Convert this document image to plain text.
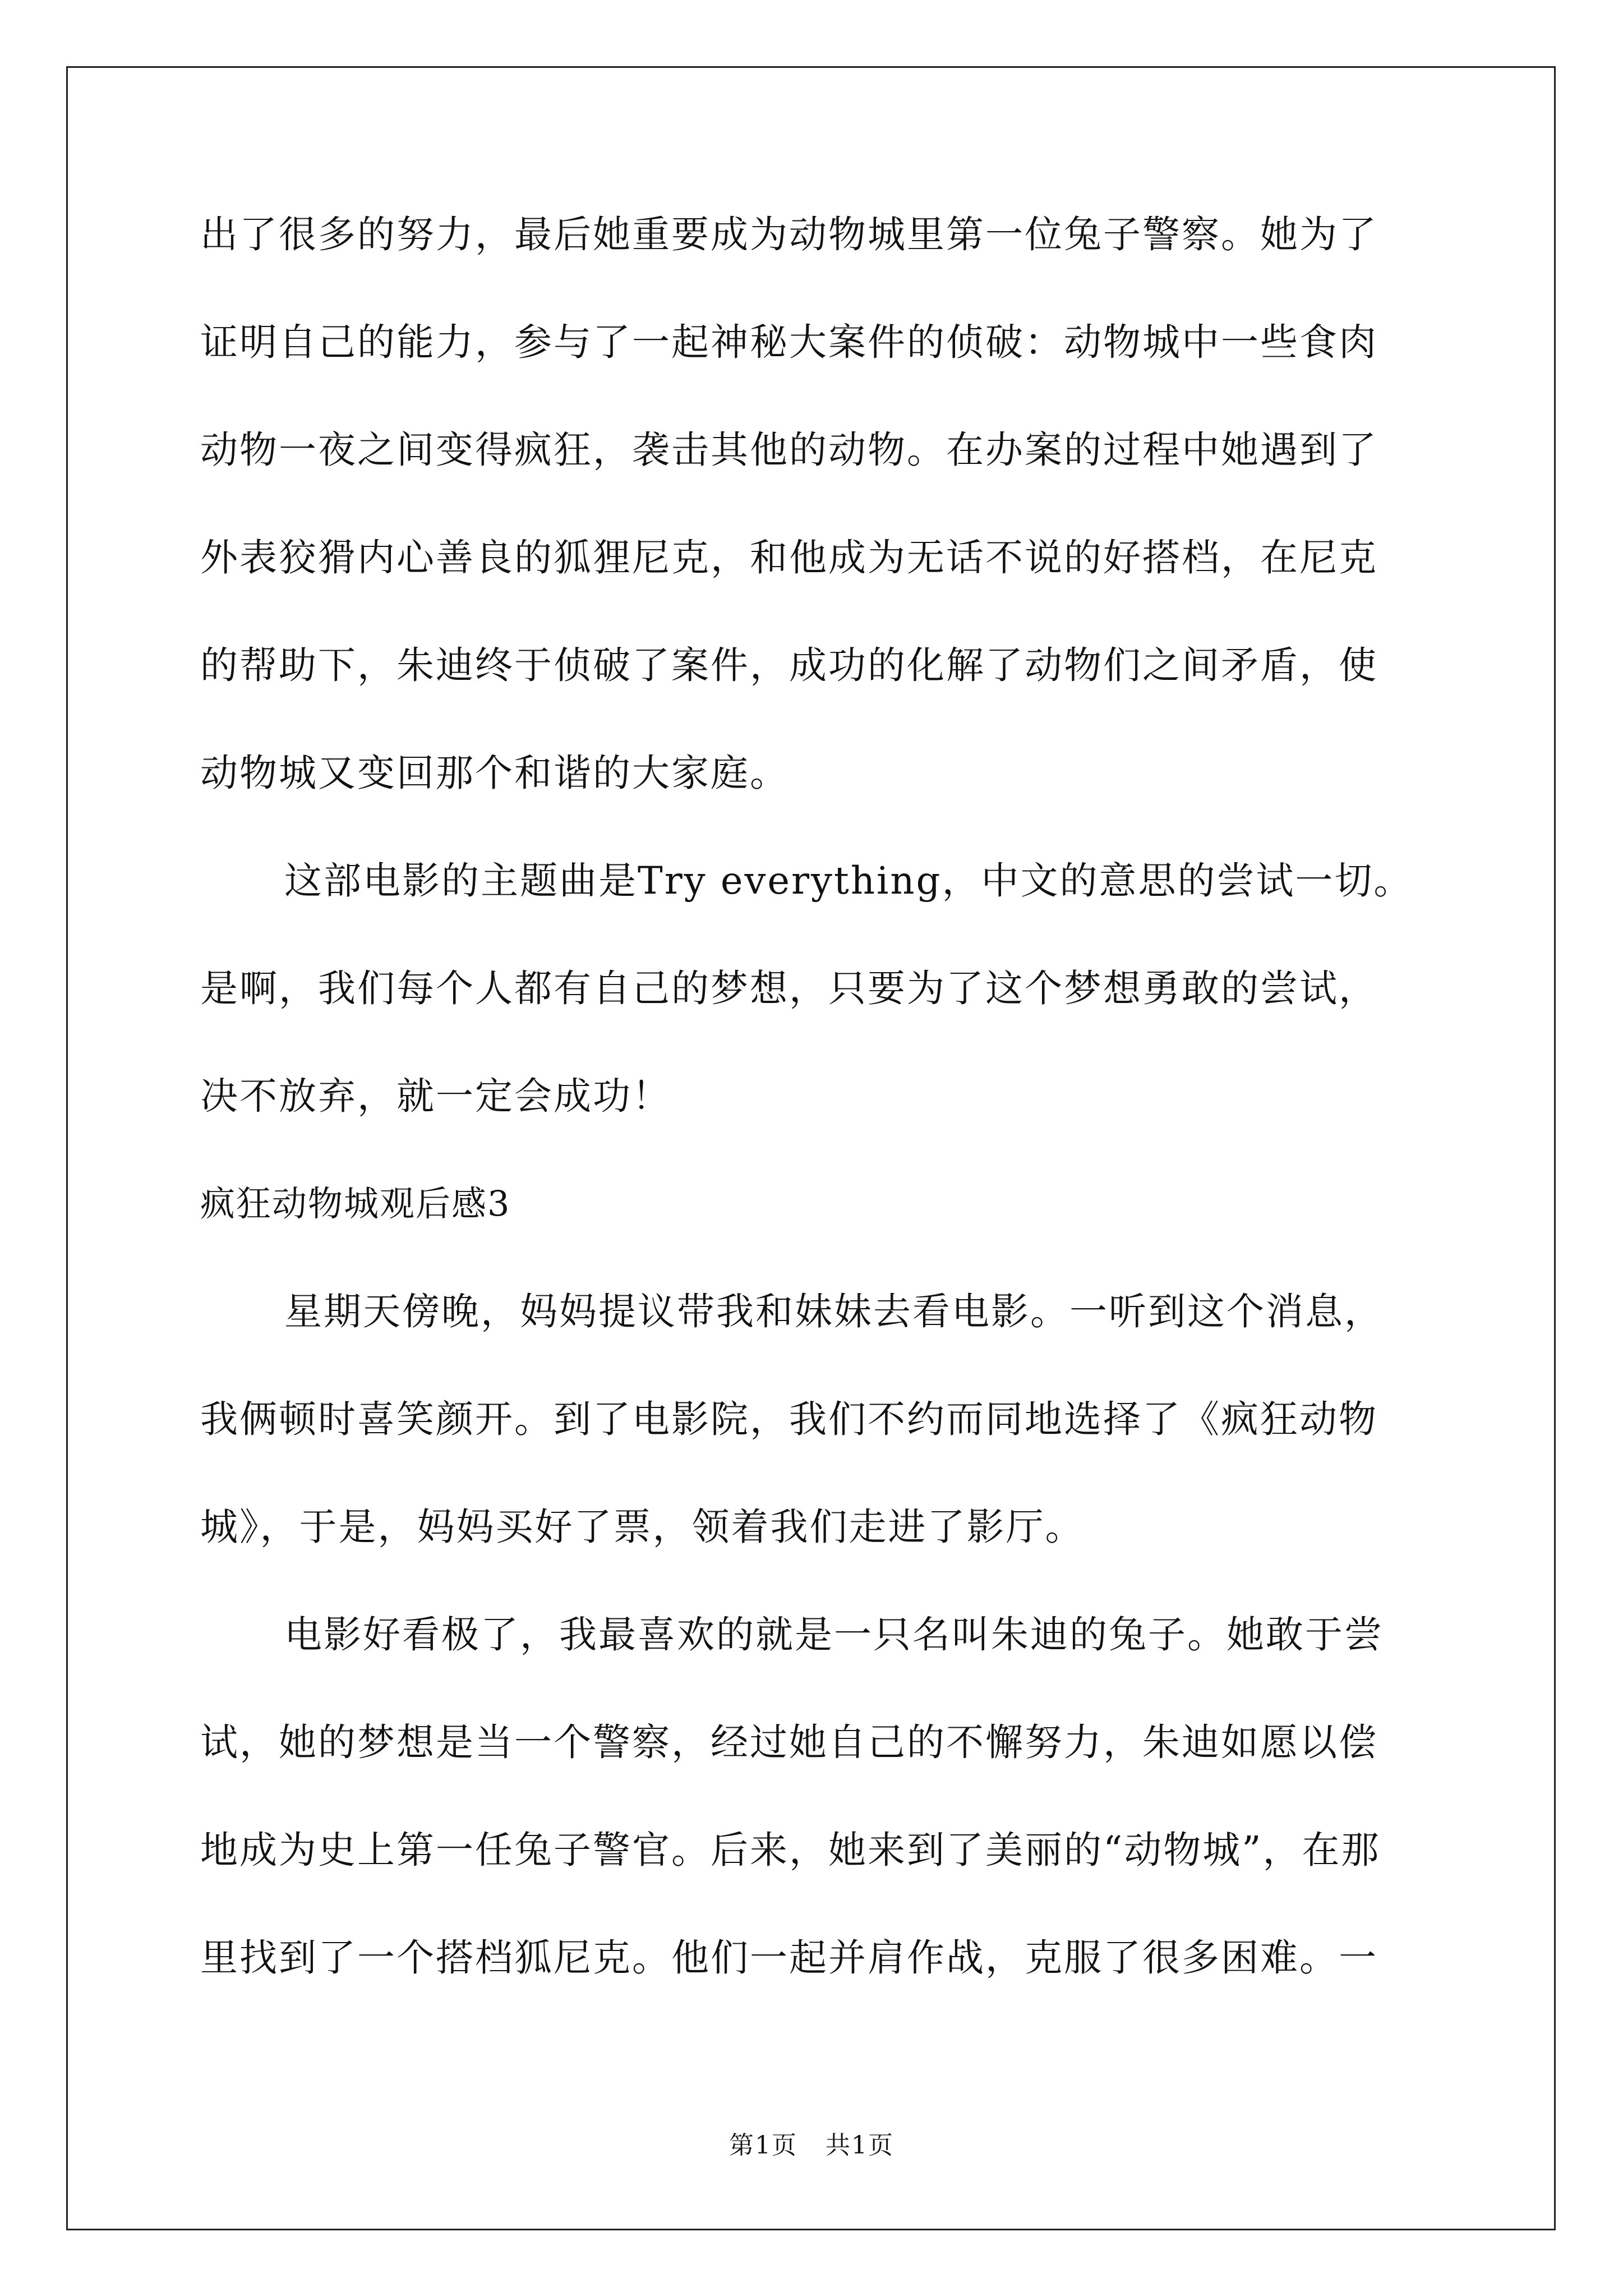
出了很多的努力，最后她重要成为动物城里第一位兔子警察。她为了
证明自己的能力，参与了一起神秘大案件的侦破：动物城中一些食肉
动物一夜之间变得疯狂，袭击其他的动物。在办案的过程中她遇到了
外表狡猾内心善良的狐狸尼克，和他成为无话不说的好搭档，在尼克
的帮助下，朱迪终于侦破了案件，成功的化解了动物们之间矛盾，使
动物城又变回那个和谐的大家庭。
这部电影的主题曲是Try everything，中文的意思的尝试一切。
是啊，我们每个人都有自己的梦想，只要为了这个梦想勇敢的尝试，
决不放弃，就一定会成功！
疯狂动物城观后感3
星期天傍晚，妈妈提议带我和妹妹去看电影。一听到这个消息，
我俩顿时喜笑颜开。到了电影院，我们不约而同地选择了《疯狂动物
城》，于是，妈妈买好了票，领着我们走进了影厅。
电影好看极了，我最喜欢的就是一只名叫朱迪的兔子。她敢于尝
试，她的梦想是当一个警察，经过她自己的不懈努力，朱迪如愿以偿
地成为史上第一任兔子警官。后来，她来到了美丽的“动物城”，在那
里找到了一个搭档狐尼克。他们一起并肩作战，克服了很多困难。一
第1页 共1页
